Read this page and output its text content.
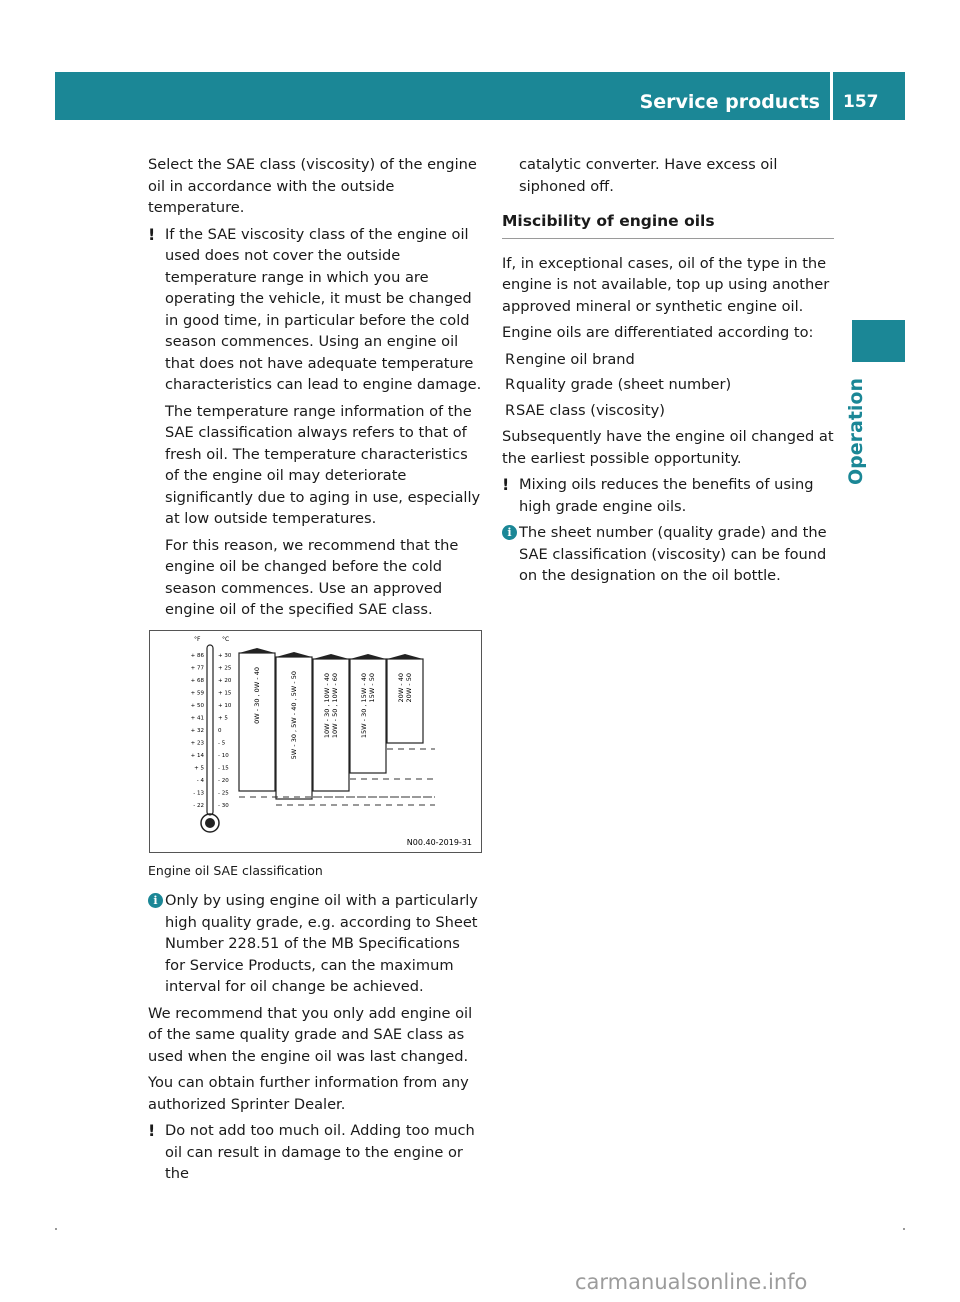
Service products 157
Operation

Select the SAE class (viscosity) of the engine oil in accordance with the outside temperature.

! If the SAE viscosity class of the engine oil used does not cover the outside temperature range in which you are operating the vehicle, it must be changed in good time, in particular before the cold season commences. Using an engine oil that does not have adequate temperature characteristics can lead to engine damage.

The temperature range information of the SAE classification always refers to that of fresh oil. The temperature characteristics of the engine oil may deteriorate significantly due to aging in use, especially at low outside temperatures.

For this reason, we recommend that the engine oil be changed before the cold season commences. Use an approved engine oil of the specified SAE class.

°F	°C
+ 86	+ 30
+ 77	+ 25
+ 68	+ 20
+ 59	+ 15
+ 50	+ 10
+ 41	+ 5
+ 32	0
+ 23	- 5
+ 14	- 10
+ 5	- 15
- 4	- 20
- 13	- 25
- 22	- 30
0W - 30 , 0W - 40	5W - 30 , 5W - 40 , 5W - 50	10W - 30 , 10W - 40 10W - 50 , 10W - 60	15W - 30 , 15W - 40 15W - 50	20W - 40 20W - 50
N00.40-2019-31
Engine oil SAE classification
i Only by using engine oil with a particularly high quality grade, e.g. according to Sheet Number 228.51 of the MB Specifications for Service Products, can the maximum interval for oil change be achieved.

We recommend that you only add engine oil of the same quality grade and SAE class as used when the engine oil was last changed.

You can obtain further information from any authorized Sprinter Dealer.

! Do not add too much oil. Adding too much oil can result in damage to the engine or the

catalytic converter. Have excess oil siphoned off.

Miscibility of engine oils

If, in exceptional cases, oil of the type in the engine is not available, top up using another approved mineral or synthetic engine oil.

Engine oils are differentiated according to:

R engine oil brand
R quality grade (sheet number)
R SAE class (viscosity)

Subsequently have the engine oil changed at the earliest possible opportunity.

! Mixing oils reduces the benefits of using high grade engine oils.

i The sheet number (quality grade) and the SAE classification (viscosity) can be found on the designation on the oil bottle.

carmanualsonline.info
